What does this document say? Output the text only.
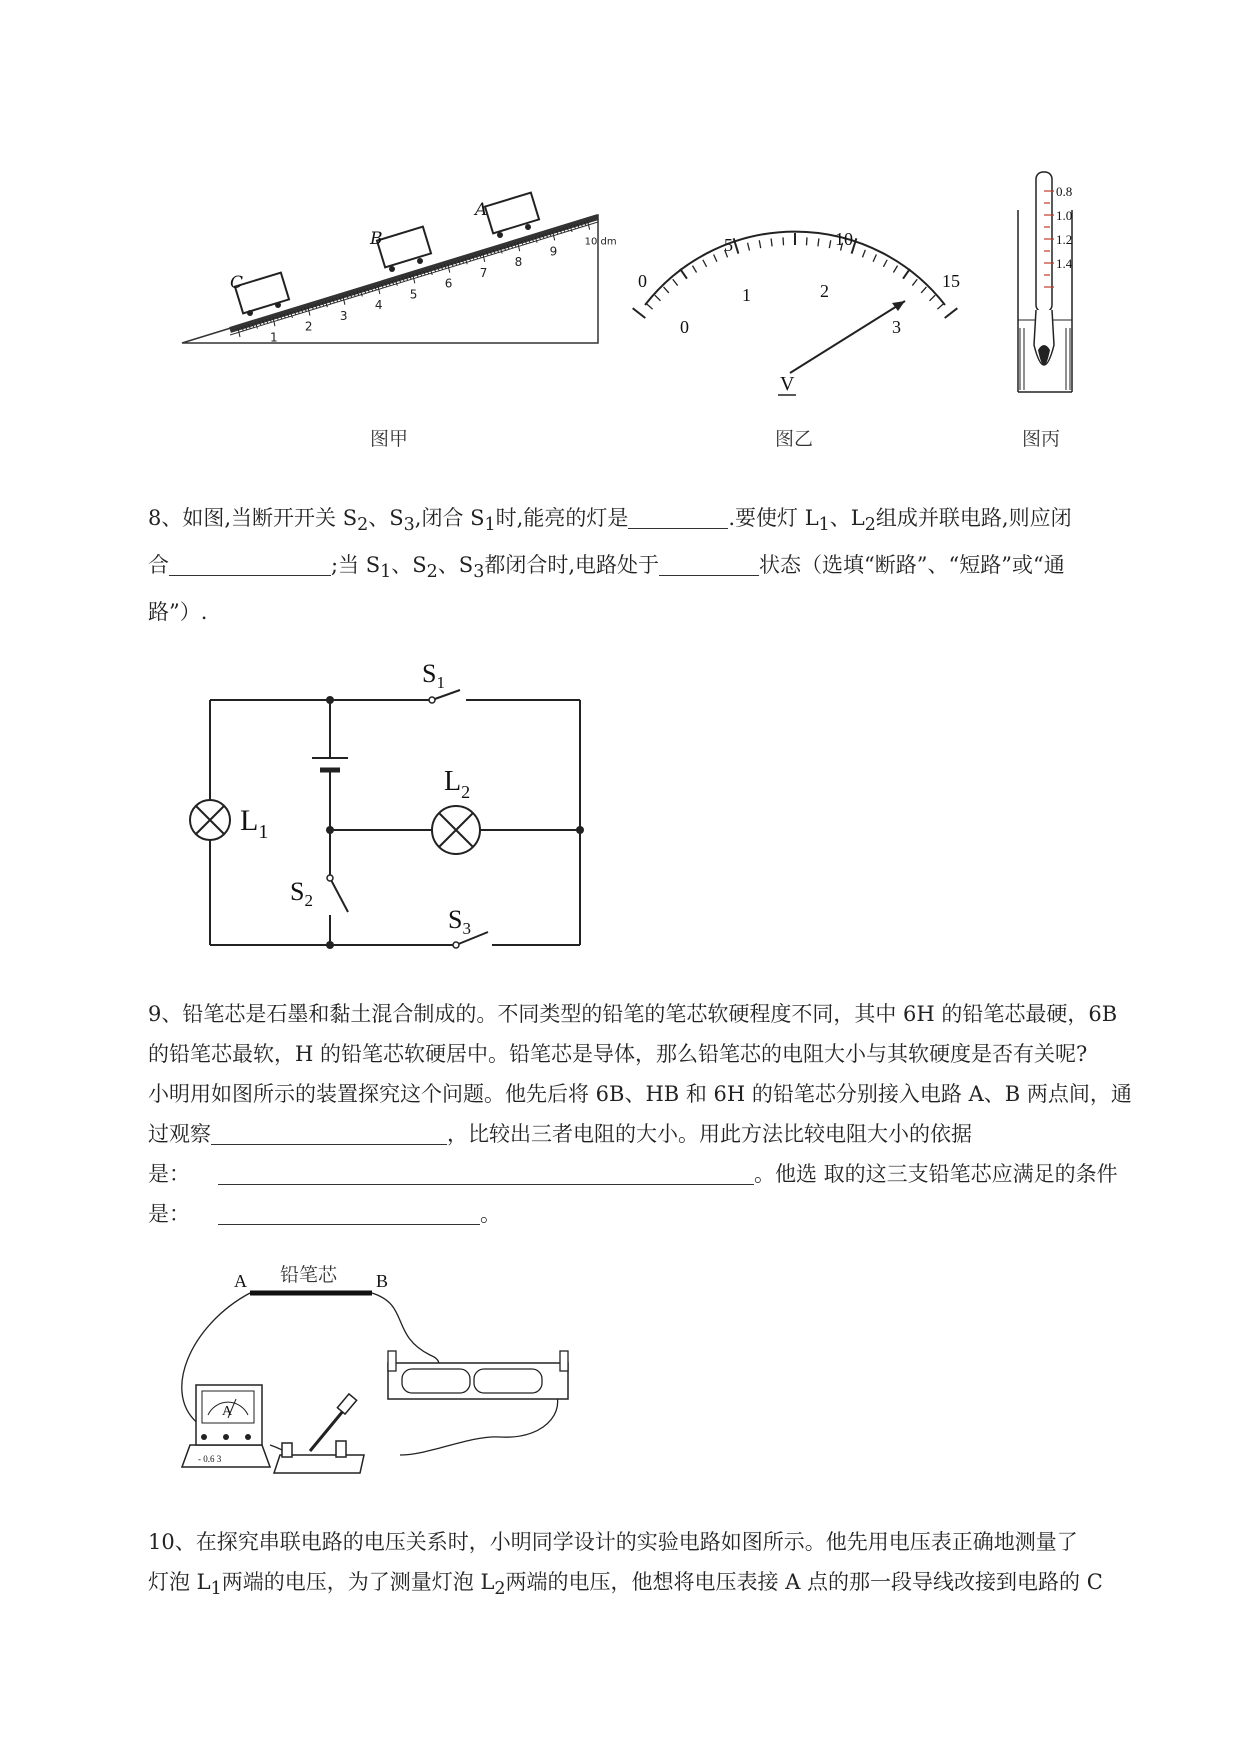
1
2
3
4
5
6
7
8
9
10 dm
C
B
A
图甲
0
5	10
15
0
1	2
3
V
图乙
0.8
1.0
1.2
1.4
图丙

8、如图,当断开开关 $S_2$、$S_3$,闭合 $S_1$时,能亮的灯是	.要使灯 $L_1$、$L_2$组成并联电路,则应闭

合	;当 $S_1$、$S_2$、$S_3$都闭合时,电路处于	状态（选填“断路”、“短路”或“通

路”）.

$S_1$
$S_2$
$S_3$
$L_1$
$L_2$

9、铅笔芯是石墨和黏土混合制成的。不同类型的铅笔的笔芯软硬程度不同，其中 6H 的铅笔芯最硬，6B

的铅笔芯最软，H 的铅笔芯软硬居中。铅笔芯是导体，那么铅笔芯的电阻大小与其软硬度是否有关呢?

小明用如图所示的装置探究这个问题。他先后将 6B、HB 和 6H 的铅笔芯分别接入电路 A、B 两点间，通

过观察	，比较出三者电阻的大小。用此方法比较电阻大小的依据

是：	。他选 取的这三支铅笔芯应满足的条件

是：	。

铅笔芯
A	B
A
- 0.6 3

10、在探究串联电路的电压关系时，小明同学设计的实验电路如图所示。他先用电压表正确地测量了

灯泡 $L_1$两端的电压，为了测量灯泡 $L_2$两端的电压，他想将电压表接 A 点的那一段导线改接到电路的 C
